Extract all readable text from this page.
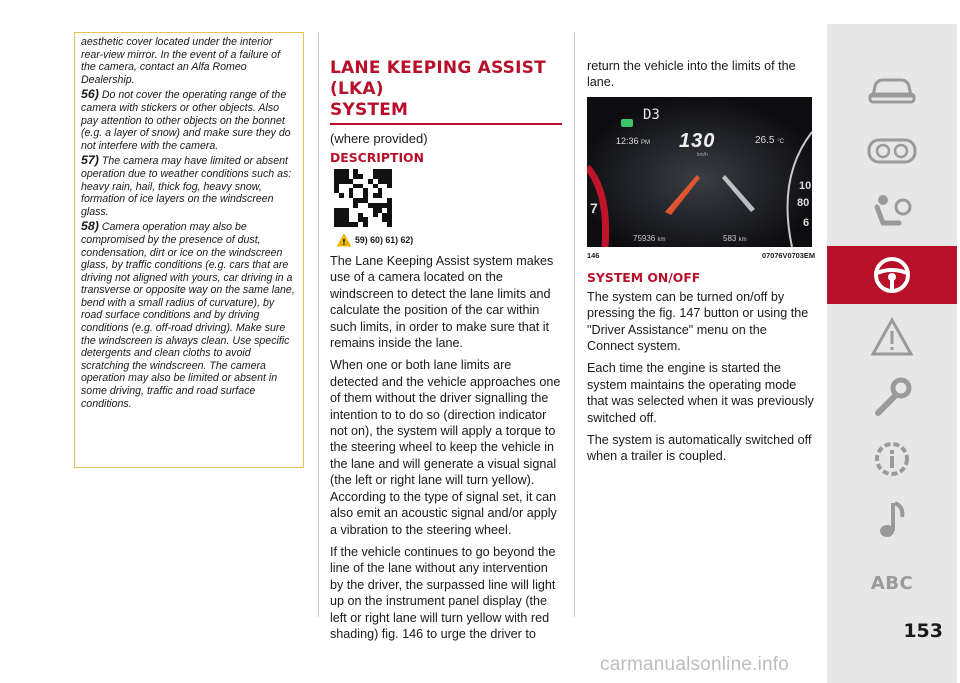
aesthetic cover located under the interior rear-view mirror. In the event of a failure of the camera, contact an Alfa Romeo Dealership.

56) Do not cover the operating range of the camera with stickers or other objects. Also pay attention to other objects on the bonnet (e.g. a layer of snow) and make sure they do not interfere with the camera.

57) The camera may have limited or absent operation due to weather conditions such as: heavy rain, hail, thick fog, heavy snow, formation of ice layers on the windscreen glass.

58) Camera operation may also be compromised by the presence of dust, condensation, dirt or ice on the windscreen glass, by traffic conditions (e.g. cars that are driving not aligned with yours, car driving in a transverse or opposite way on the same lane, bend with a small radius of curvature), by road surface conditions and by driving conditions (e.g. off-road driving). Make sure the windscreen is always clean. Use specific detergents and clean cloths to avoid scratching the windscreen. The camera operation may also be limited or absent in some driving, traffic and road surface conditions.

LANE KEEPING ASSIST (LKA)
SYSTEM

(where provided)

DESCRIPTION
! 59) 60) 61) 62)

The Lane Keeping Assist system makes use of a camera located on the windscreen to detect the lane limits and calculate the position of the car within such limits, in order to make sure that it remains inside the lane.

When one or both lane limits are detected and the vehicle approaches one of them without the driver signalling the intention to to do so (direction indicator not on), the system will apply a torque to the steering wheel to keep the vehicle in the lane and will generate a visual signal (the left or right lane will turn yellow). According to the type of signal set, it can also emit an acoustic signal and/or apply a vibration to the steering wheel.

If the vehicle continues to go beyond the line of the lane without any intervention by the driver, the surpassed line will light up on the instrument panel display (the left or right lane will turn yellow with red shading) fig. 146 to urge the driver to

return the vehicle into the limits of the lane.

D3
12:36 PM 130
km/h
26.5 °C
75936 km	583 km
7
10
80
6
146	07076V0703EM
SYSTEM ON/OFF

The system can be turned on/off by pressing the fig. 147 button or using the "Driver Assistance" menu on the Connect system.

Each time the engine is started the system maintains the operating mode that was selected when it was previously switched off.

The system is automatically switched off when a trailer is coupled.

ABC
153
carmanualsonline.info
